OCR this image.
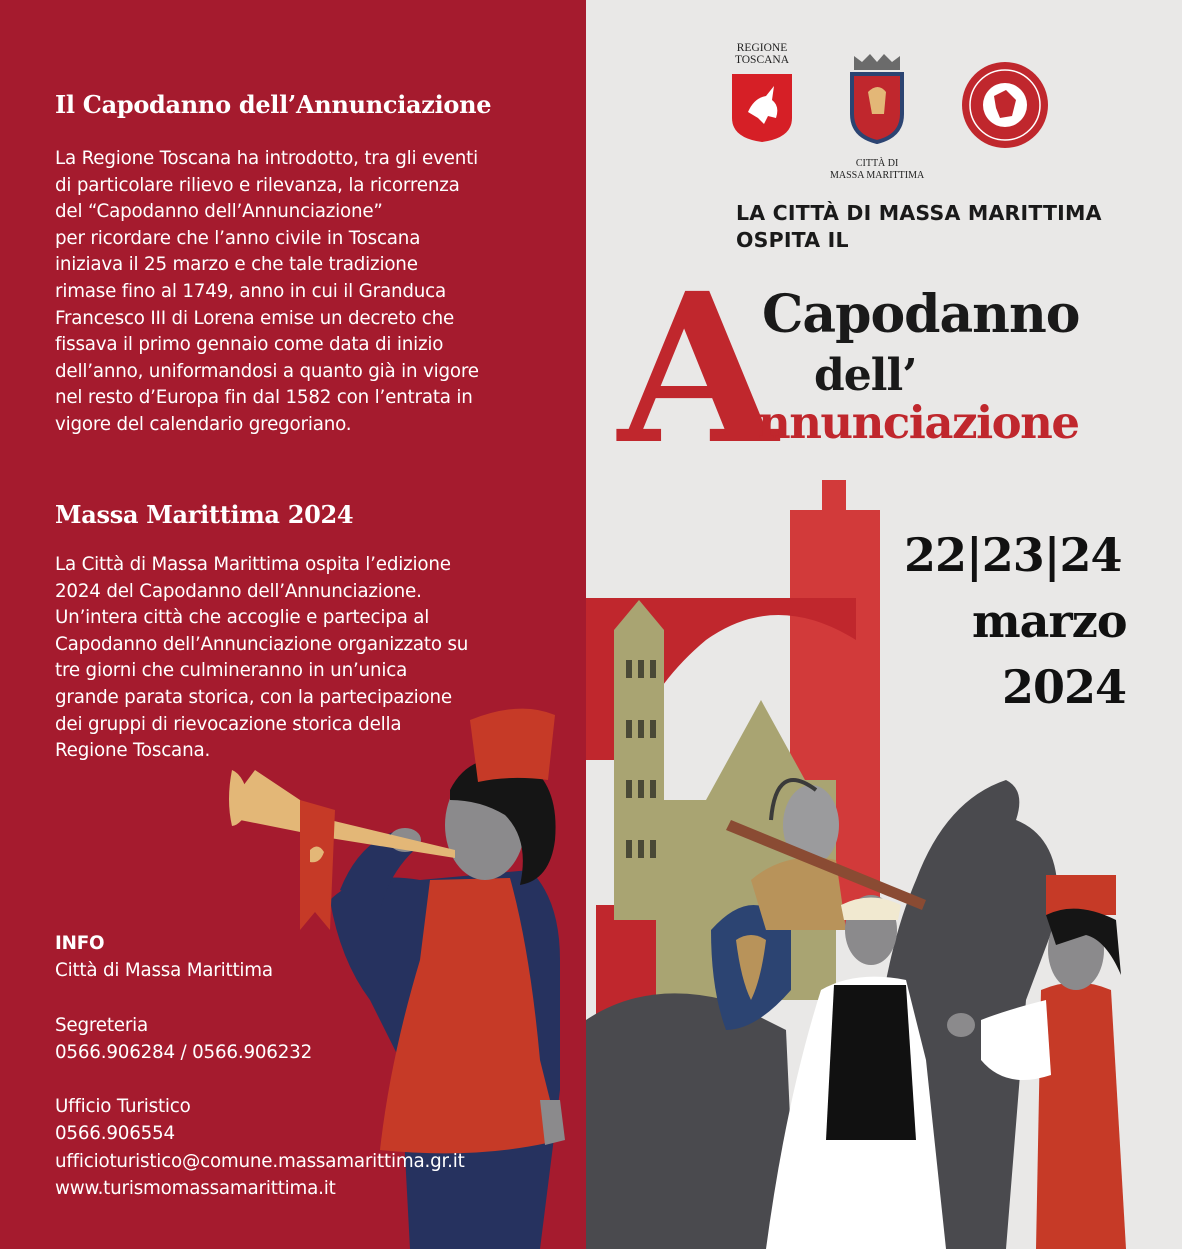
Il Capodanno dell’Annunciazione
La Regione Toscana ha introdotto, tra gli eventi
di particolare rilievo e rilevanza, la ricorrenza
del “Capodanno dell’Annunciazione”
per ricordare che l’anno civile in Toscana
iniziava il 25 marzo e che tale tradizione
rimase fino al 1749, anno in cui il Granduca
Francesco III di Lorena emise un decreto che
fissava il primo gennaio come data di inizio
dell’anno, uniformandosi a quanto già in vigore
nel resto d’Europa fin dal 1582 con l’entrata in
vigore del calendario gregoriano.
Massa Marittima 2024
La Città di Massa Marittima ospita l’edizione
2024 del Capodanno dell’Annunciazione.
Un’intera città che accoglie e partecipa al
Capodanno dell’Annunciazione organizzato su
tre giorni che culmineranno in un’unica
grande parata storica, con la partecipazione
dei gruppi di rievocazione storica della
Regione Toscana.
INFO
Città di Massa Marittima
Segreteria
0566.906284 / 0566.906232
Ufficio Turistico
0566.906554
ufficioturistico@comune.massamarittima.gr.it
www.turismomassamarittima.it
REGIONE
TOSCANA
CITTÀ DI
MASSA MARITTIMA
LA CITTÀ DI MASSA MARITTIMA
OSPITA IL
A
Capodanno
dell’
nnunciazione
22|23|24
marzo
2024
